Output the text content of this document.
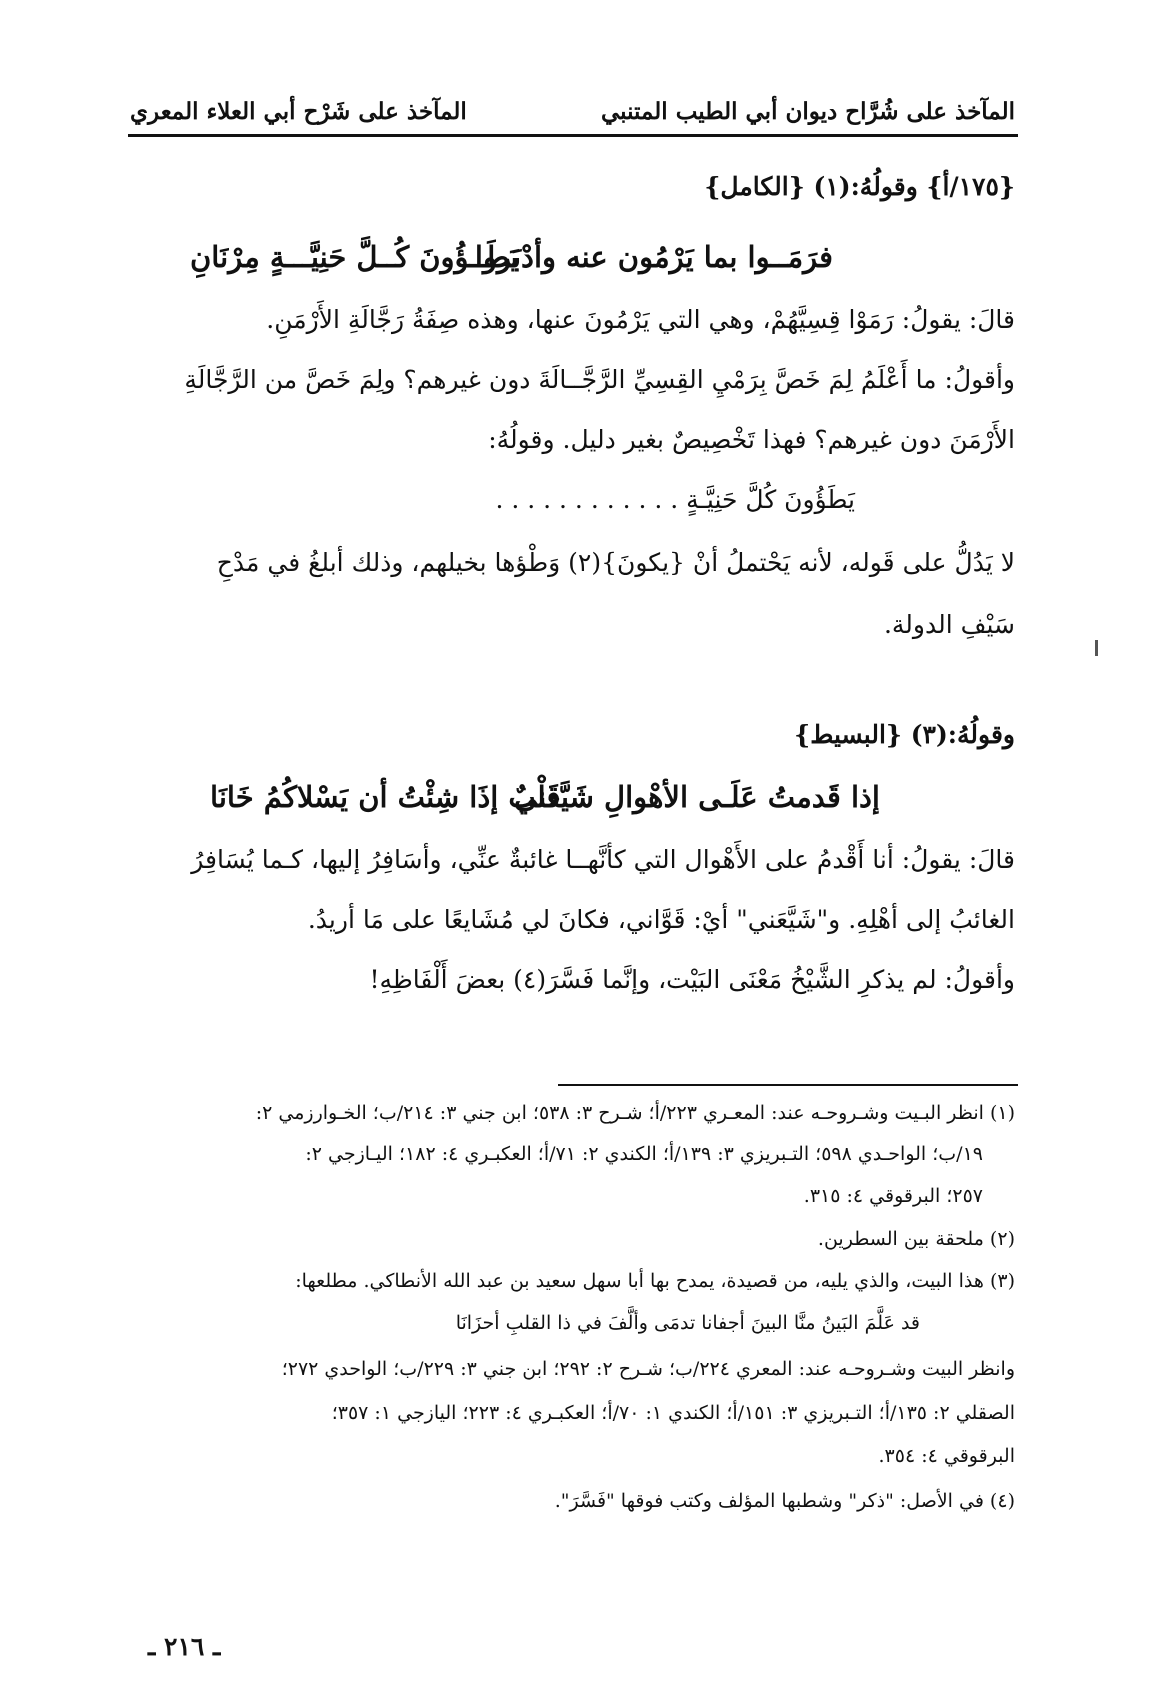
المآخذ على شُرَّاح ديوان أبي الطيب المتنبي
المآخذ على شَرْح أبي العلاء المعري
{١٧٥/أ} وقولُهُ:(١) {الكامل}
فرَمَــوا بما يَرْمُون عنه وأدْبَروا
يَطَــؤُونَ كُــلَّ حَنِيَّـــةٍ مِرْنَانِ
قالَ: يقولُ: رَمَوْا قِسِيَّهُمْ، وهي التي يَرْمُونَ عنها، وهذه صِفَةُ رَجَّالَةِ الأَرْمَنِ.
وأقولُ: ما أَعْلَمُ لِمَ خَصَّ بِرَمْيِ القِسِيِّ الرَّجَّــالَةَ دون غيرهم؟ ولِمَ خَصَّ من الرَّجَّالَةِ
الأَرْمَنَ دون غيرهم؟ فهذا تَخْصِيصٌ بغير دليل. وقولُهُ:
يَطَؤُونَ كُلَّ حَنِيَّـةٍ . . . . . . . . . . . .
لا يَدُلُّ على قَوله، لأنه يَحْتملُ أنْ {يكونَ}(٢) وَطْؤها بخيلهم، وذلك أبلغُ في مَدْحِ
سَيْفِ الدولة.
وقولُهُ:(٣) {البسيط}
إذا قَدمتُ عَلَـى الأهْوالِ شَيَّعني
قَلْبٌ إذَا شِئْتُ أن يَسْلاكُمُ خَانَا
قالَ: يقولُ: أنا أَقْدمُ على الأَهْوال التي كأنَّهــا غائبةٌ عنِّي، وأسَافِرُ إليها، كـما يُسَافِرُ
الغائبُ إلى أهْلِهِ. و"شَيَّعَني" أيْ: قَوَّاني، فكانَ لي مُشَايعًا على مَا أريدُ.
وأقولُ: لم يذكرِ الشَّيْخُ مَعْنَى البَيْت، وإنَّما فَسَّرَ(٤) بعضَ أَلْفَاظِهِ!
(١) انظر البـيت وشـروحـه عند: المعـري ٢٢٣/أ؛ شـرح ٣: ٥٣٨؛ ابن جني ٣: ٢١٤/ب؛ الخـوارزمي ٢:
١٩/ب؛ الواحـدي ٥٩٨؛ التـبريزي ٣: ١٣٩/أ؛ الكندي ٢: ٧١/أ؛ العكبـري ٤: ١٨٢؛ اليـازجي ٢:
٢٥٧؛ البرقوقي ٤: ٣١٥.
(٢) ملحقة بين السطرين.
(٣) هذا البيت، والذي يليه، من قصيدة، يمدح بها أبا سهل سعيد بن عبد الله الأنطاكي. مطلعها:
قد عَلَّمَ البَينُ منَّا البينَ أجفانا تدمَى وألَّفَ في ذا القلبِ أحزَانَا
وانظر البيت وشـروحـه عند: المعري ٢٢٤/ب؛ شـرح ٢: ٢٩٢؛ ابن جني ٣: ٢٢٩/ب؛ الواحدي ٢٧٢؛
الصقلي ٢: ١٣٥/أ؛ التـبريزي ٣: ١٥١/أ؛ الكندي ١: ٧٠/أ؛ العكبـري ٤: ٢٢٣؛ اليازجي ١: ٣٥٧؛
البرقوقي ٤: ٣٥٤.
(٤) في الأصل: "ذكر" وشطبها المؤلف وكتب فوقها "فَسَّرَ".
ـ ٢١٦ ـ
